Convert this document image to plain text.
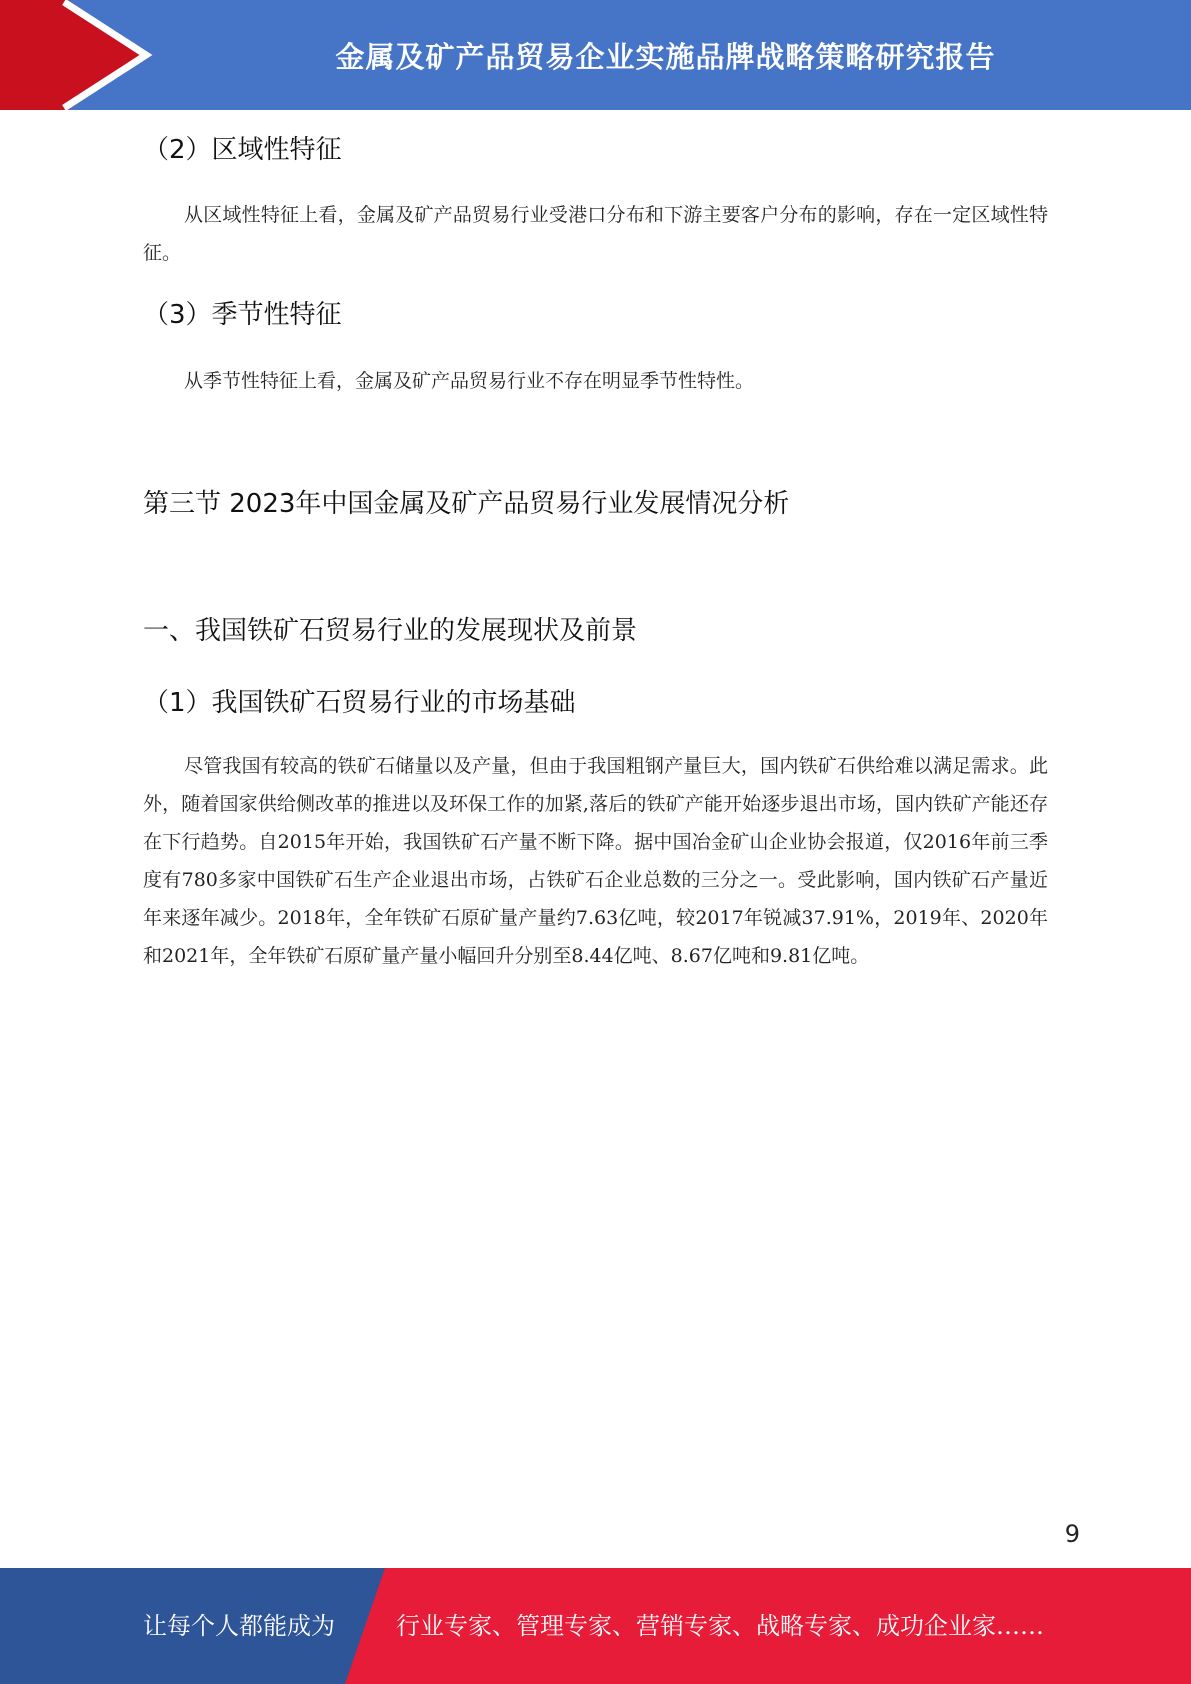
金属及矿产品贸易企业实施品牌战略策略研究报告
（2）区域性特征

从区域性特征上看，金属及矿产品贸易行业受港口分布和下游主要客户分布的影响，存在一定区域性特征。

（3）季节性特征

从季节性特征上看，金属及矿产品贸易行业不存在明显季节性特性。

第三节 2023年中国金属及矿产品贸易行业发展情况分析
一、我国铁矿石贸易行业的发展现状及前景
（1）我国铁矿石贸易行业的市场基础

尽管我国有较高的铁矿石储量以及产量，但由于我国粗钢产量巨大，国内铁矿石供给难以满足需求。此外，随着国家供给侧改革的推进以及环保工作的加紧,落后的铁矿产能开始逐步退出市场，国内铁矿产能还存在下行趋势。自2015年开始，我国铁矿石产量不断下降。据中国冶金矿山企业协会报道，仅2016年前三季度有780多家中国铁矿石生产企业退出市场，占铁矿石企业总数的三分之一。受此影响，国内铁矿石产量近年来逐年减少。2018年，全年铁矿石原矿量产量约7.63亿吨，较2017年锐减37.91%，2019年、2020年和2021年，全年铁矿石原矿量产量小幅回升分别至8.44亿吨、8.67亿吨和9.81亿吨。

9
让每个人都能成为	行业专家、管理专家、营销专家、战略专家、成功企业家……
